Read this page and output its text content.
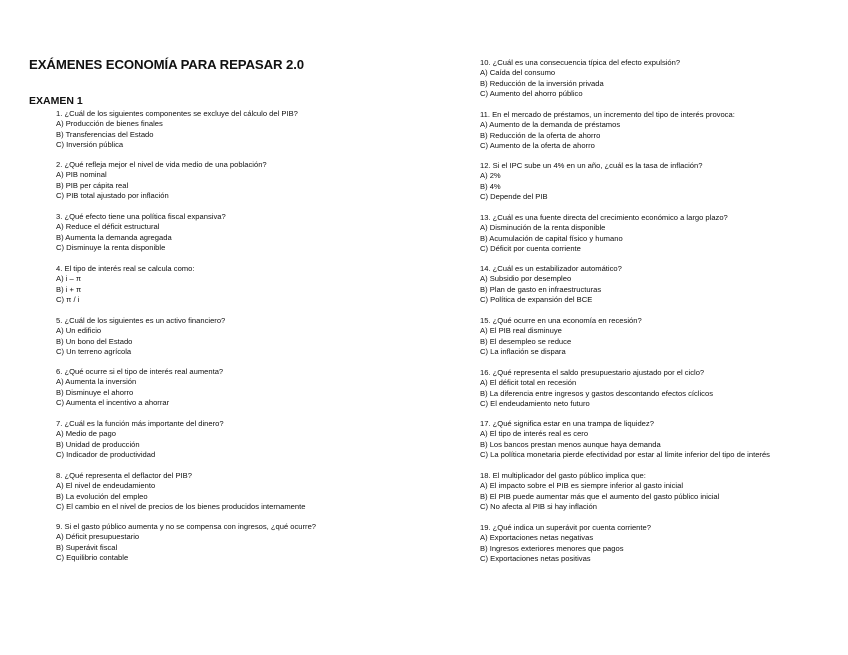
EXÁMENES ECONOMÍA PARA REPASAR 2.0
EXAMEN 1
1. ¿Cuál de los siguientes componentes se excluye del cálculo del PIB?
A) Producción de bienes finales
B) Transferencias del Estado
C) Inversión pública
2. ¿Qué refleja mejor el nivel de vida medio de una población?
A) PIB nominal
B) PIB per cápita real
C) PIB total ajustado por inflación
3. ¿Qué efecto tiene una política fiscal expansiva?
A) Reduce el déficit estructural
B) Aumenta la demanda agregada
C) Disminuye la renta disponible
4. El tipo de interés real se calcula como:
A) i – π
B) i + π
C) π / i
5. ¿Cuál de los siguientes es un activo financiero?
A) Un edificio
B) Un bono del Estado
C) Un terreno agrícola
6. ¿Qué ocurre si el tipo de interés real aumenta?
A) Aumenta la inversión
B) Disminuye el ahorro
C) Aumenta el incentivo a ahorrar
7. ¿Cuál es la función más importante del dinero?
A) Medio de pago
B) Unidad de producción
C) Indicador de productividad
8. ¿Qué representa el deflactor del PIB?
A) El nivel de endeudamiento
B) La evolución del empleo
C) El cambio en el nivel de precios de los bienes producidos internamente
9. Si el gasto público aumenta y no se compensa con ingresos, ¿qué ocurre?
A) Déficit presupuestario
B) Superávit fiscal
C) Equilibrio contable
10. ¿Cuál es una consecuencia típica del efecto expulsión?
A) Caída del consumo
B) Reducción de la inversión privada
C) Aumento del ahorro público
11. En el mercado de préstamos, un incremento del tipo de interés provoca:
A) Aumento de la demanda de préstamos
B) Reducción de la oferta de ahorro
C) Aumento de la oferta de ahorro
12. Si el IPC sube un 4% en un año, ¿cuál es la tasa de inflación?
A) 2%
B) 4%
C) Depende del PIB
13. ¿Cuál es una fuente directa del crecimiento económico a largo plazo?
A) Disminución de la renta disponible
B) Acumulación de capital físico y humano
C) Déficit por cuenta corriente
14. ¿Cuál es un estabilizador automático?
A) Subsidio por desempleo
B) Plan de gasto en infraestructuras
C) Política de expansión del BCE
15. ¿Qué ocurre en una economía en recesión?
A) El PIB real disminuye
B) El desempleo se reduce
C) La inflación se dispara
16. ¿Qué representa el saldo presupuestario ajustado por el ciclo?
A) El déficit total en recesión
B) La diferencia entre ingresos y gastos descontando efectos cíclicos
C) El endeudamiento neto futuro
17. ¿Qué significa estar en una trampa de liquidez?
A) El tipo de interés real es cero
B) Los bancos prestan menos aunque haya demanda
C) La política monetaria pierde efectividad por estar al límite inferior del tipo de interés
18. El multiplicador del gasto público implica que:
A) El impacto sobre el PIB es siempre inferior al gasto inicial
B) El PIB puede aumentar más que el aumento del gasto público inicial
C) No afecta al PIB si hay inflación
19. ¿Qué indica un superávit por cuenta corriente?
A) Exportaciones netas negativas
B) Ingresos exteriores menores que pagos
C) Exportaciones netas positivas
